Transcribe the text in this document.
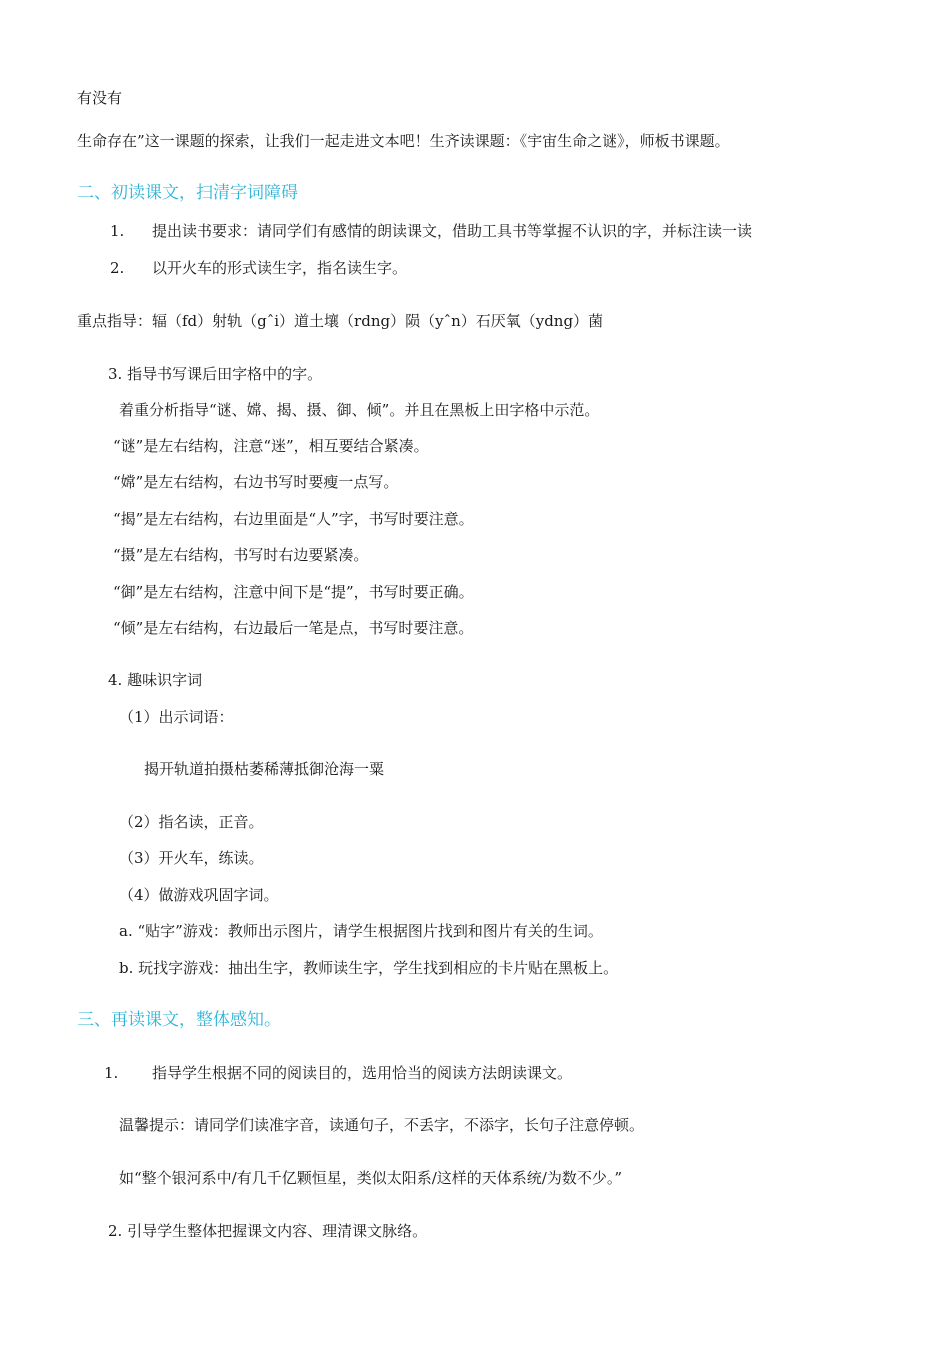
有没有
生命存在”这一课题的探索，让我们一起走进文本吧！生齐读课题：《宇宙生命之谜》，师板书课题。
二、初读课文，扫清字词障碍
1. 提出读书要求：请同学们有感情的朗读课文，借助工具书等掌握不认识的字，并标注读一读
2. 以开火车的形式读生字，指名读生字。
重点指导：辐（fd）射轨（gˆi）道土壤（rdng）陨（yˆn）石厌氧（ydng）菌
3. 指导书写课后田字格中的字。
着重分析指导“谜、嫦、揭、摄、御、倾”。并且在黑板上田字格中示范。
“谜”是左右结构，注意“迷”，相互要结合紧凑。
“嫦”是左右结构，右边书写时要瘦一点写。
“揭”是左右结构，右边里面是“人”字，书写时要注意。
“摄”是左右结构，书写时右边要紧凑。
“御”是左右结构，注意中间下是“提”，书写时要正确。
“倾”是左右结构，右边最后一笔是点，书写时要注意。
4. 趣味识字词
（1）出示词语：
揭开轨道拍摄枯萎稀薄抵御沧海一粟
（2）指名读，正音。
（3）开火车，练读。
（4）做游戏巩固字词。
a. “贴字”游戏：教师出示图片，请学生根据图片找到和图片有关的生词。
b. 玩找字游戏：抽出生字，教师读生字，学生找到相应的卡片贴在黑板上。
三、再读课文，整体感知。
1. 指导学生根据不同的阅读目的，选用恰当的阅读方法朗读课文。
温馨提示：请同学们读准字音，读通句子，不丢字，不添字，长句子注意停顿。
如“整个银河系中/有几千亿颗恒星，类似太阳系/这样的天体系统/为数不少。”
2. 引导学生整体把握课文内容、理清课文脉络。
